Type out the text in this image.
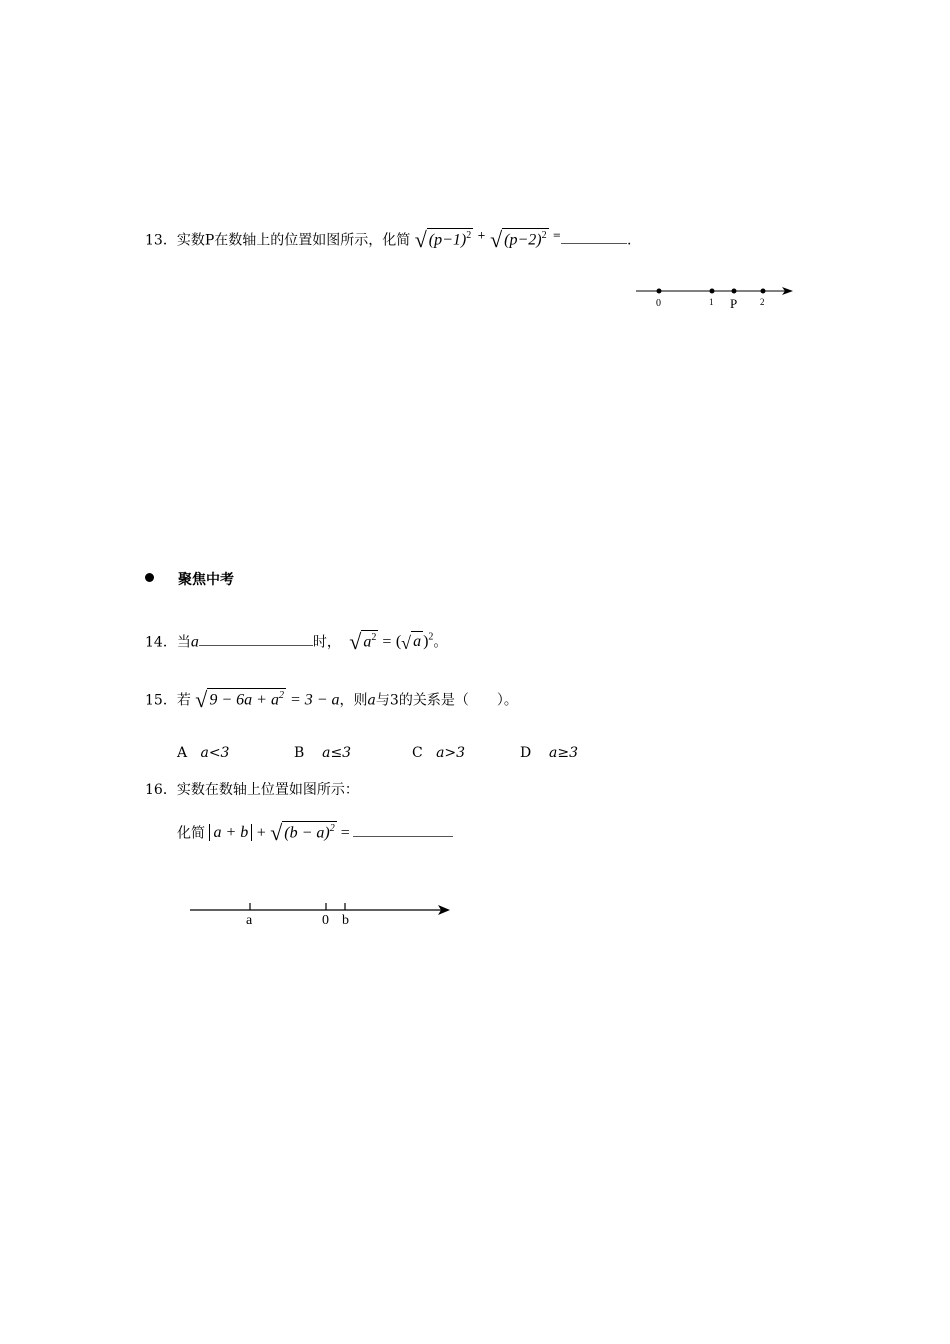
13．实数P在数轴上的位置如图所示，化简 √ $(p-1)^2$ + √ $(p-2)^2$ =	.
0	1 P	2
聚焦中考
14．当a	时， √ $a^2$ = (√ a )$^2$。
15．若 √ $9 - 6a + a^2 = 3 - a$，则a与3的关系是（　　）。
A a<3	B a≤3	C a>3	D a≥3
16．实数在数轴上位置如图所示：
化简 a + b + √ $(b - a)^2$ =
a	0 b
